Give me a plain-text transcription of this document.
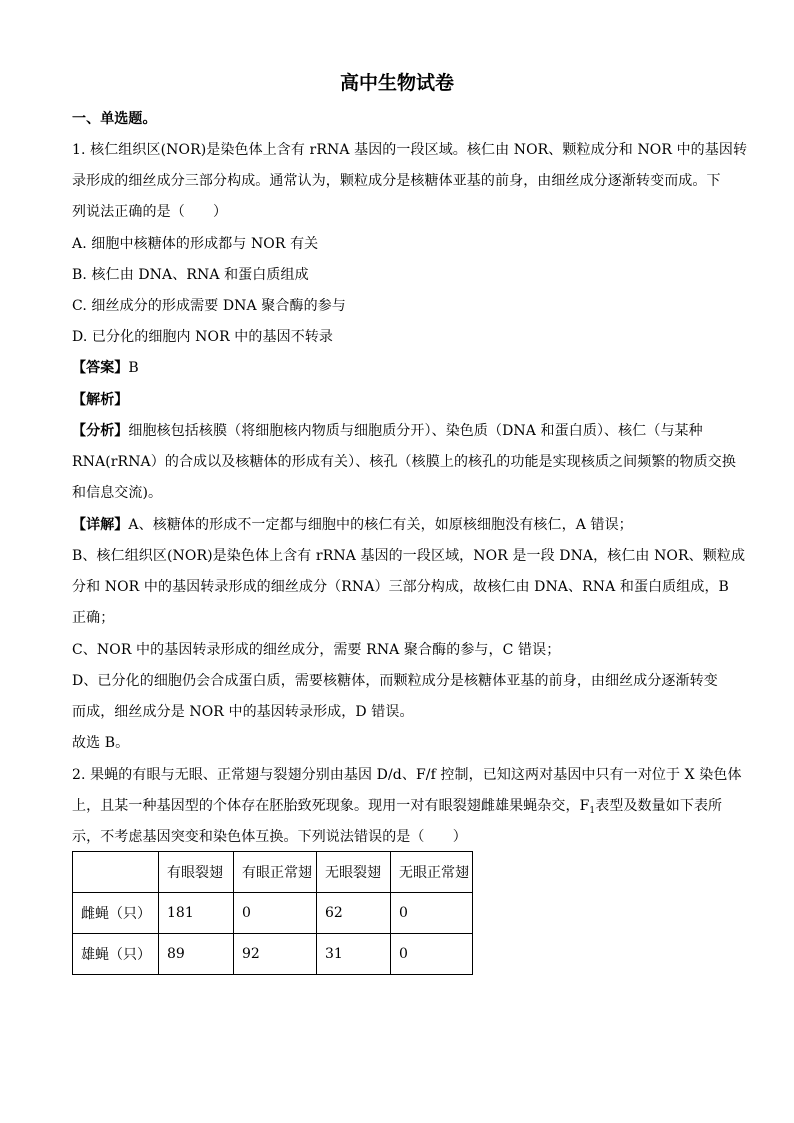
高中生物试卷
一、单选题。
1. 核仁组织区(NOR)是染色体上含有 rRNA 基因的一段区域。核仁由 NOR、颗粒成分和 NOR 中的基因转
录形成的细丝成分三部分构成。通常认为，颗粒成分是核糖体亚基的前身，由细丝成分逐渐转变而成。下
列说法正确的是（　　）
A. 细胞中核糖体的形成都与 NOR 有关
B. 核仁由 DNA、RNA 和蛋白质组成
C. 细丝成分的形成需要 DNA 聚合酶的参与
D. 已分化的细胞内 NOR 中的基因不转录
【答案】B
【解析】
【分析】细胞核包括核膜（将细胞核内物质与细胞质分开）、染色质（DNA 和蛋白质）、核仁（与某种
RNA(rRNA）的合成以及核糖体的形成有关）、核孔（核膜上的核孔的功能是实现核质之间频繁的物质交换
和信息交流)。
【详解】A、核糖体的形成不一定都与细胞中的核仁有关，如原核细胞没有核仁，A 错误；
B、核仁组织区(NOR)是染色体上含有 rRNA 基因的一段区域，NOR 是一段 DNA，核仁由 NOR、颗粒成
分和 NOR 中的基因转录形成的细丝成分（RNA）三部分构成，故核仁由 DNA、RNA 和蛋白质组成，B
正确；
C、NOR 中的基因转录形成的细丝成分，需要 RNA 聚合酶的参与，C 错误；
D、已分化的细胞仍会合成蛋白质，需要核糖体，而颗粒成分是核糖体亚基的前身，由细丝成分逐渐转变
而成，细丝成分是 NOR 中的基因转录形成，D 错误。
故选 B。
2. 果蝇的有眼与无眼、正常翅与裂翅分别由基因 D/d、F/f 控制，已知这两对基因中只有一对位于 X 染色体
上，且某一种基因型的个体存在胚胎致死现象。现用一对有眼裂翅雌雄果蝇杂交，$F_1$表型及数量如下表所
示，不考虑基因突变和染色体互换。下列说法错误的是（　　）
	有眼裂翅	有眼正常翅	无眼裂翅	无眼正常翅
雌蝇（只）	181	0	62	0
雄蝇（只）	89	92	31	0
